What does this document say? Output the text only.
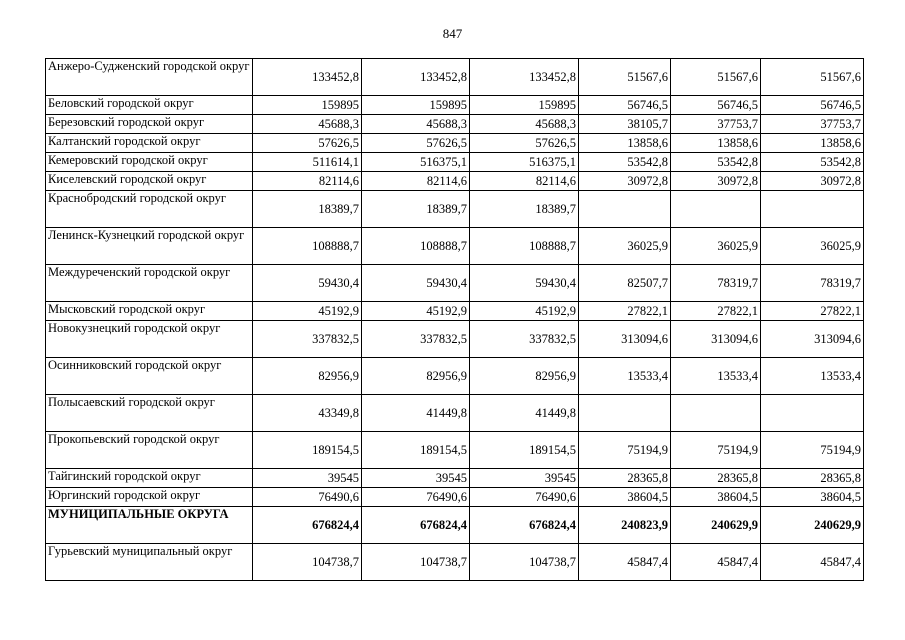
847
Анжеро-Судженский городской округ	133452,8	133452,8	133452,8	51567,6	51567,6	51567,6
Беловский городской округ	159895	159895	159895	56746,5	56746,5	56746,5
Березовский городской округ	45688,3	45688,3	45688,3	38105,7	37753,7	37753,7
Калтанский городской округ	57626,5	57626,5	57626,5	13858,6	13858,6	13858,6
Кемеровский городской округ	511614,1	516375,1	516375,1	53542,8	53542,8	53542,8
Киселевский городской округ	82114,6	82114,6	82114,6	30972,8	30972,8	30972,8
Краснобродский городской округ	18389,7	18389,7	18389,7			
Ленинск-Кузнецкий городской округ	108888,7	108888,7	108888,7	36025,9	36025,9	36025,9
Междуреченский городской округ	59430,4	59430,4	59430,4	82507,7	78319,7	78319,7
Мысковский городской округ	45192,9	45192,9	45192,9	27822,1	27822,1	27822,1
Новокузнецкий городской округ	337832,5	337832,5	337832,5	313094,6	313094,6	313094,6
Осинниковский городской округ	82956,9	82956,9	82956,9	13533,4	13533,4	13533,4
Полысаевский городской округ	43349,8	41449,8	41449,8			
Прокопьевский городской округ	189154,5	189154,5	189154,5	75194,9	75194,9	75194,9
Тайгинский городской округ	39545	39545	39545	28365,8	28365,8	28365,8
Юргинский городской округ	76490,6	76490,6	76490,6	38604,5	38604,5	38604,5
МУНИЦИПАЛЬНЫЕ ОКРУГА	676824,4	676824,4	676824,4	240823,9	240629,9	240629,9
Гурьевский муниципальный округ	104738,7	104738,7	104738,7	45847,4	45847,4	45847,4
